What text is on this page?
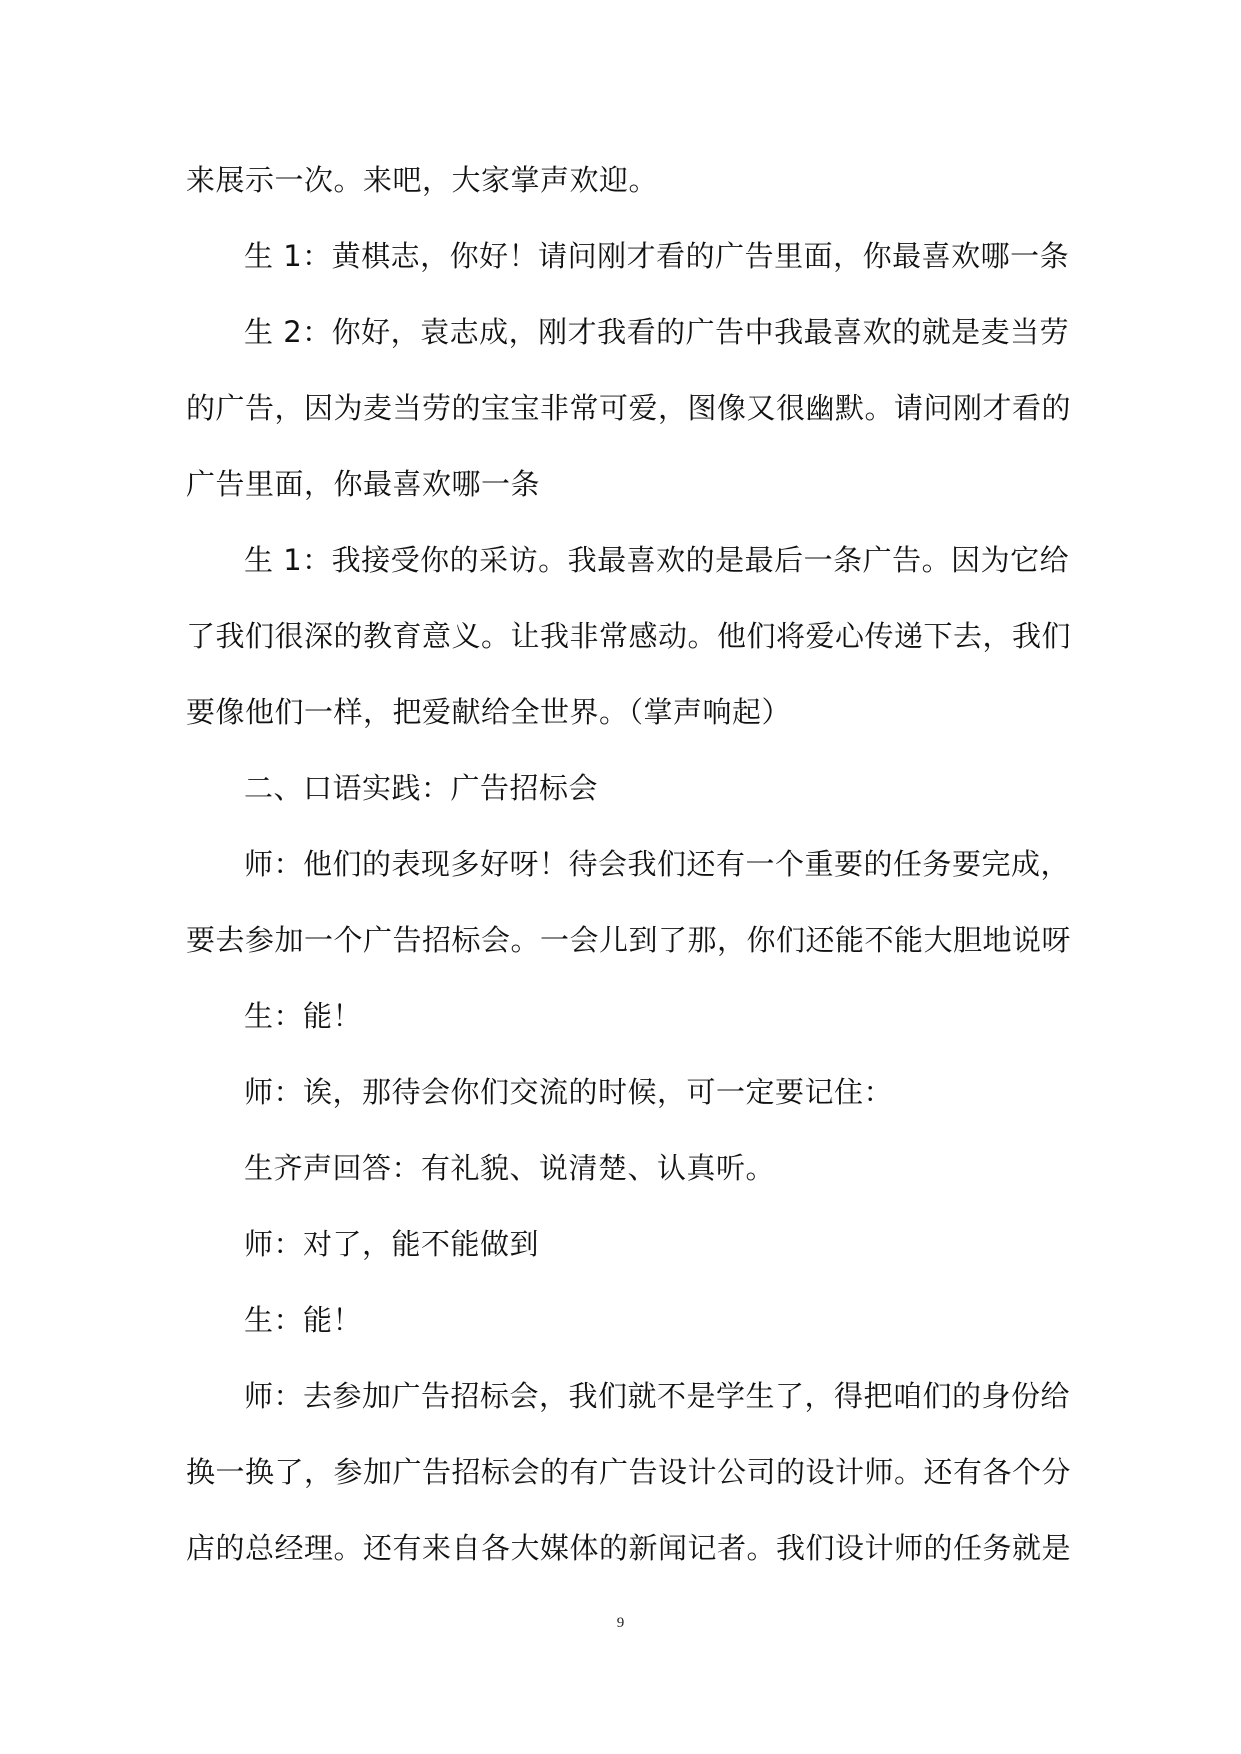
来展示一次。来吧，大家掌声欢迎。
生 1：黄棋志，你好！请问刚才看的广告里面，你最喜欢哪一条
生 2：你好，袁志成，刚才我看的广告中我最喜欢的就是麦当劳
的广告，因为麦当劳的宝宝非常可爱，图像又很幽默。请问刚才看的
广告里面，你最喜欢哪一条
生 1：我接受你的采访。我最喜欢的是最后一条广告。因为它给
了我们很深的教育意义。让我非常感动。他们将爱心传递下去，我们
要像他们一样，把爱献给全世界。（掌声响起）
二、口语实践：广告招标会
师：他们的表现多好呀！待会我们还有一个重要的任务要完成，
要去参加一个广告招标会。一会儿到了那，你们还能不能大胆地说呀
生：能！
师：诶，那待会你们交流的时候，可一定要记住：
生齐声回答：有礼貌、说清楚、认真听。
师：对了，能不能做到
生：能！
师：去参加广告招标会，我们就不是学生了，得把咱们的身份给
换一换了，参加广告招标会的有广告设计公司的设计师。还有各个分
店的总经理。还有来自各大媒体的新闻记者。我们设计师的任务就是
9
